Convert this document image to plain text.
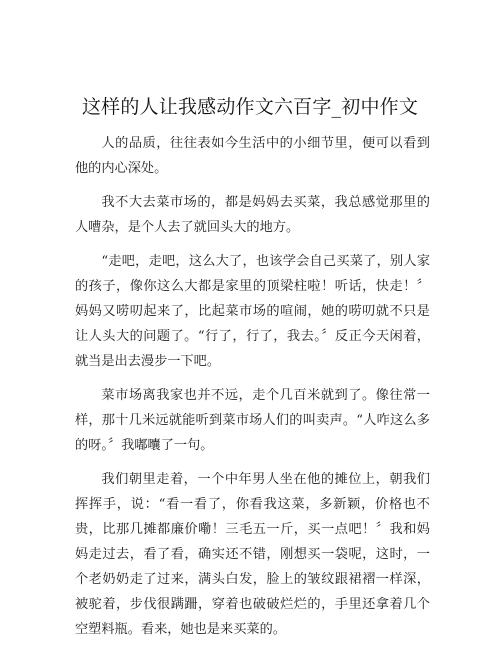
这样的人让我感动作文六百字_初中作文

人的品质，往往表如今生活中的小细节里，便可以看到他的内心深处。

我不大去菜市场的，都是妈妈去买菜，我总感觉那里的人嘈杂，是个人去了就回头大的地方。

“走吧，走吧，这么大了，也该学会自己买菜了，别人家的孩子，像你这么大都是家里的顶梁柱啦！听话，快走！〞妈妈又唠叨起来了，比起菜市场的喧闹，她的唠叨就不只是让人头大的问题了。“行了，行了，我去。〞反正今天闲着，就当是出去漫步一下吧。

菜市场离我家也并不远，走个几百米就到了。像往常一样，那十几米远就能听到菜市场人们的叫卖声。“人咋这么多的呀。〞我嘟囔了一句。

我们朝里走着，一个中年男人坐在他的摊位上，朝我们挥挥手，说：“看一看了，你看我这菜，多新颖，价格也不贵，比那几摊都廉价嘞！三毛五一斤，买一点吧！〞我和妈妈走过去，看了看，确实还不错，刚想买一袋呢，这时，一个老奶奶走了过来，满头白发，脸上的皱纹跟裙褶一样深，被驼着，步伐很蹒跚，穿着也破破烂烂的，手里还拿着几个空塑料瓶。看来，她也是来买菜的。
